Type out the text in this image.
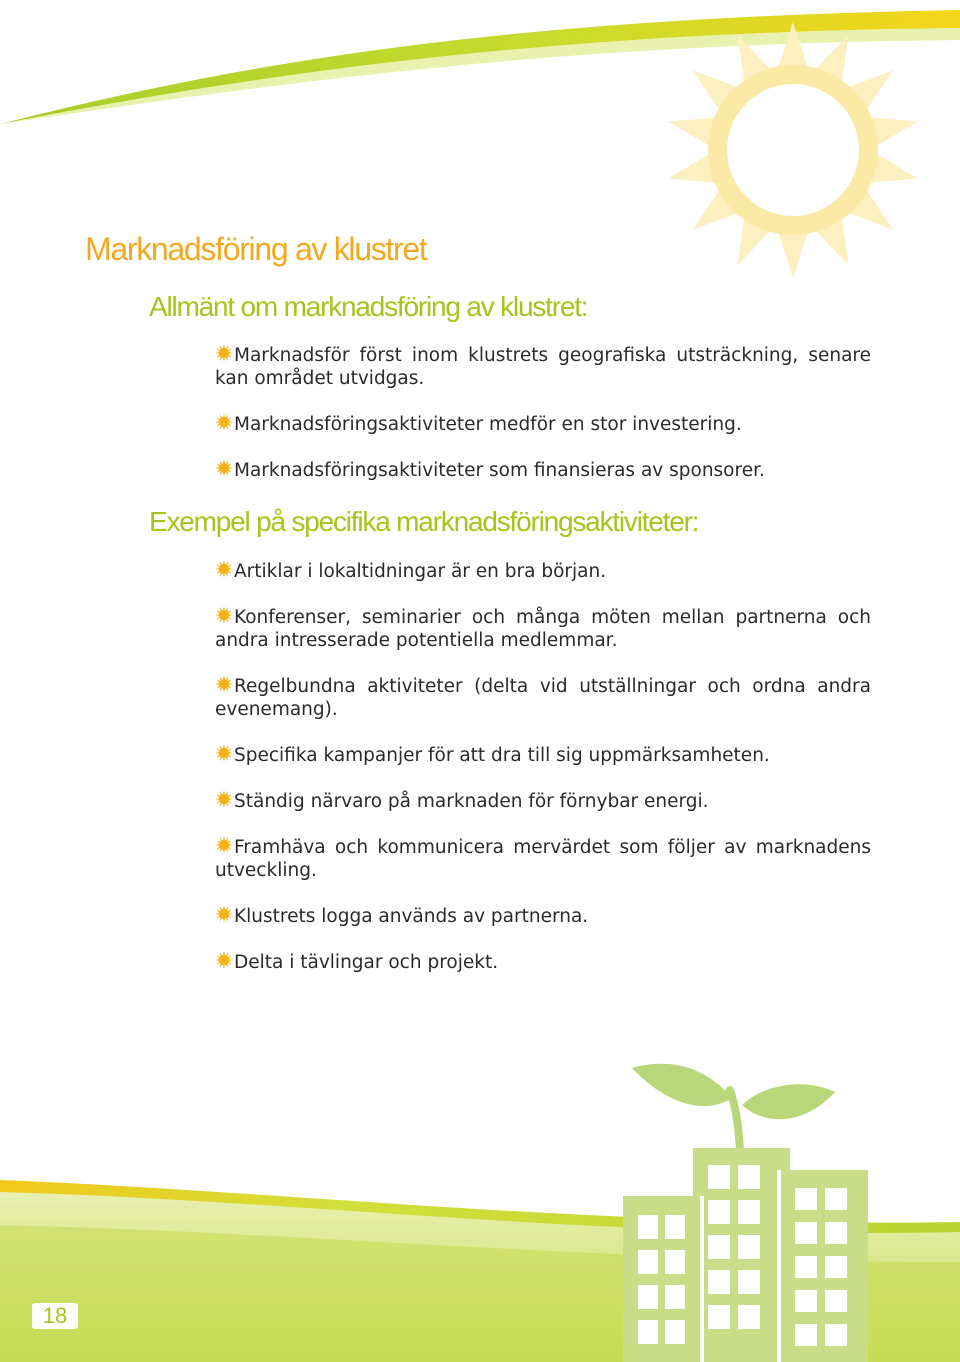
Marknadsföring av klustret
Allmänt om marknadsföring av klustret:
Marknadsför först inom klustrets geografiska utsträckning, senare kan området utvidgas.
Marknadsföringsaktiviteter medför en stor investering.
Marknadsföringsaktiviteter som finansieras av sponsorer.
Exempel på specifika marknadsföringsaktiviteter:
Artiklar i lokaltidningar är en bra början.
Konferenser, seminarier och många möten mellan partnerna och andra intresserade potentiella medlemmar.
Regelbundna aktiviteter (delta vid utställningar och ordna andra evenemang).
Specifika kampanjer för att dra till sig uppmärksamheten.
Ständig närvaro på marknaden för förnybar energi.
Framhäva och kommunicera mervärdet som följer av marknadens utveckling.
Klustrets logga används av partnerna.
Delta i tävlingar och projekt.
18
